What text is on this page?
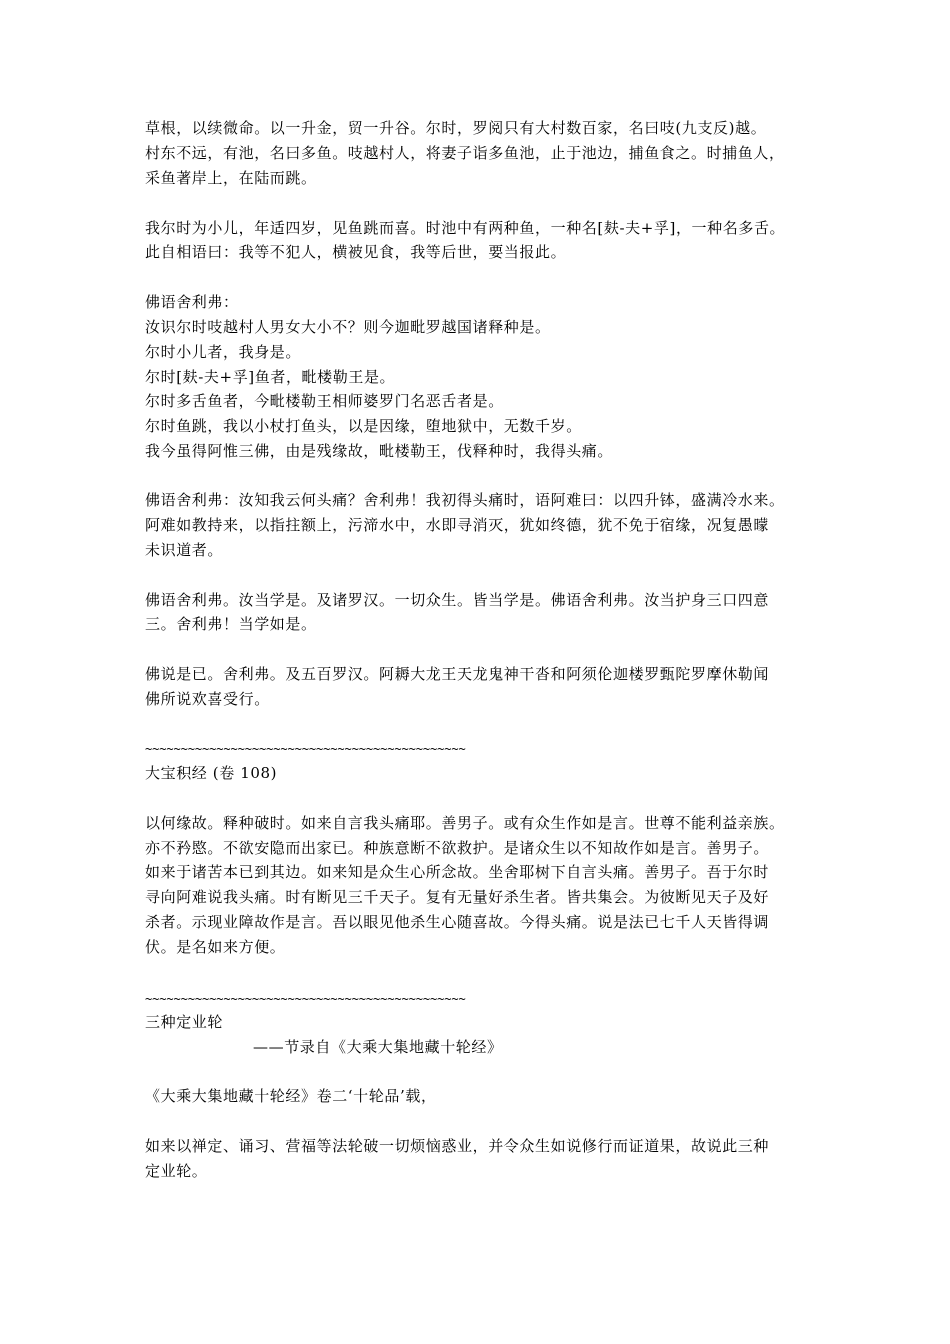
草根，以续微命。以一升金，贸一升谷。尔时，罗阅只有大村数百家，名曰吱(九支反)越。
村东不远，有池，名曰多鱼。吱越村人，将妻子诣多鱼池，止于池边，捕鱼食之。时捕鱼人，
采鱼著岸上，在陆而跳。
我尔时为小儿，年适四岁，见鱼跳而喜。时池中有两种鱼，一种名[麸-夫+孚]，一种名多舌。
此自相语曰：我等不犯人，横被见食，我等后世，要当报此。
佛语舍利弗：
汝识尔时吱越村人男女大小不？则今迦毗罗越国诸释种是。
尔时小儿者，我身是。
尔时[麸-夫+孚]鱼者，毗楼勒王是。
尔时多舌鱼者，今毗楼勒王相师婆罗门名恶舌者是。
尔时鱼跳，我以小杖打鱼头，以是因缘，堕地狱中，无数千岁。
我今虽得阿惟三佛，由是残缘故，毗楼勒王，伐释种时，我得头痛。
佛语舍利弗：汝知我云何头痛？舍利弗！我初得头痛时，语阿难曰：以四升钵，盛满冷水来。
阿难如教持来，以指拄额上，污渧水中，水即寻消灭，犹如终德，犹不免于宿缘，况复愚曚
未识道者。
佛语舍利弗。汝当学是。及诸罗汉。一切众生。皆当学是。佛语舍利弗。汝当护身三口四意
三。舍利弗！当学如是。
佛说是已。舍利弗。及五百罗汉。阿耨大龙王天龙鬼神干沓和阿须伦迦楼罗甄陀罗摩休勒闻
佛所说欢喜受行。
~~~~~~~~~~~~~~~~~~~~~~~~~~~~~~~~~~~~~~~~~~~~~
大宝积经 (卷 108)
以何缘故。释种破时。如来自言我头痛耶。善男子。或有众生作如是言。世尊不能利益亲族。
亦不矜愍。不欲安隐而出家已。种族意断不欲救护。是诸众生以不知故作如是言。善男子。
如来于诸苦本已到其边。如来知是众生心所念故。坐舍耶树下自言头痛。善男子。吾于尔时
寻向阿难说我头痛。时有断见三千天子。复有无量好杀生者。皆共集会。为彼断见天子及好
杀者。示现业障故作是言。吾以眼见他杀生心随喜故。今得头痛。说是法已七千人天皆得调
伏。是名如来方便。
~~~~~~~~~~~~~~~~~~~~~~~~~~~~~~~~~~~~~~~~~~~~~
三种定业轮
——节录自《大乘大集地藏十轮经》
《大乘大集地藏十轮经》卷二‘十轮品’载，
如来以禅定、诵习、营福等法轮破一切烦恼惑业，并令众生如说修行而证道果，故说此三种
定业轮。
